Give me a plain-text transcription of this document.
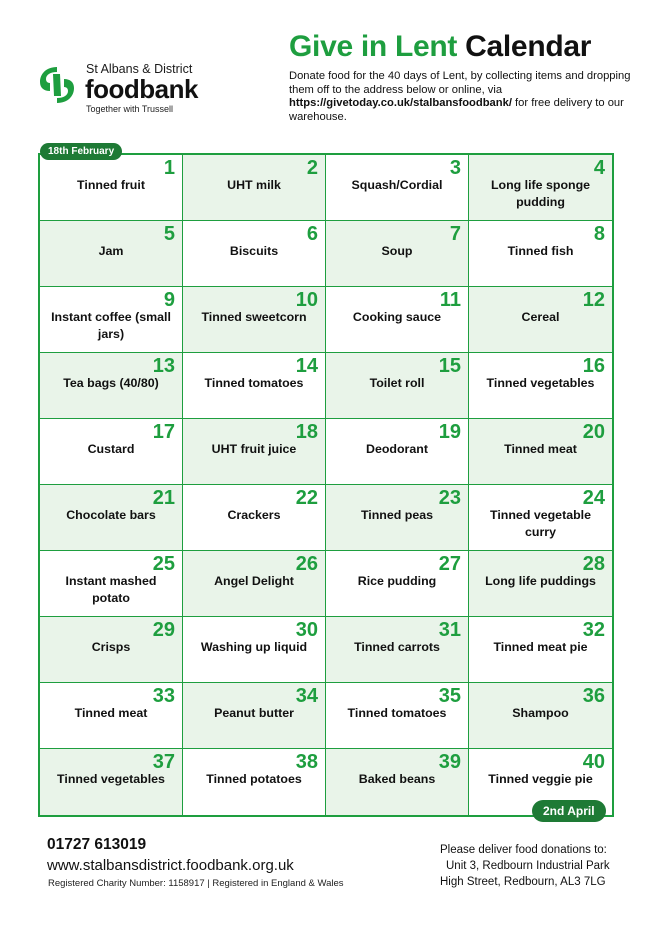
St Albans & District
foodbank
Together with Trussell
Give in Lent Calendar
Donate food for the 40 days of Lent, by collecting items and dropping them off to the address below or online, via https://givetoday.co.uk/stalbansfoodbank/ for free delivery to our warehouse.
1
Tinned fruit
2
UHT milk
3
Squash/Cordial
4
Long life sponge pudding
5
Jam
6
Biscuits
7
Soup
8
Tinned fish
9
Instant coffee (small jars)
10
Tinned sweetcorn
11
Cooking sauce
12
Cereal
13
Tea bags (40/80)
14
Tinned tomatoes
15
Toilet roll
16
Tinned vegetables
17
Custard
18
UHT fruit juice
19
Deodorant
20
Tinned meat
21
Chocolate bars
22
Crackers
23
Tinned peas
24
Tinned vegetable curry
25
Instant mashed potato
26
Angel Delight
27
Rice pudding
28
Long life puddings
29
Crisps
30
Washing up liquid
31
Tinned carrots
32
Tinned meat pie
33
Tinned meat
34
Peanut butter
35
Tinned tomatoes
36
Shampoo
37
Tinned vegetables
38
Tinned potatoes
39
Baked beans
40
Tinned veggie pie
18th February
2nd April
01727 613019
www.stalbansdistrict.foodbank.org.uk
Registered Charity Number: 1158917 | Registered in England & Wales
Please deliver food donations to:
Unit 3, Redbourn Industrial Park
High Street, Redbourn, AL3 7LG
